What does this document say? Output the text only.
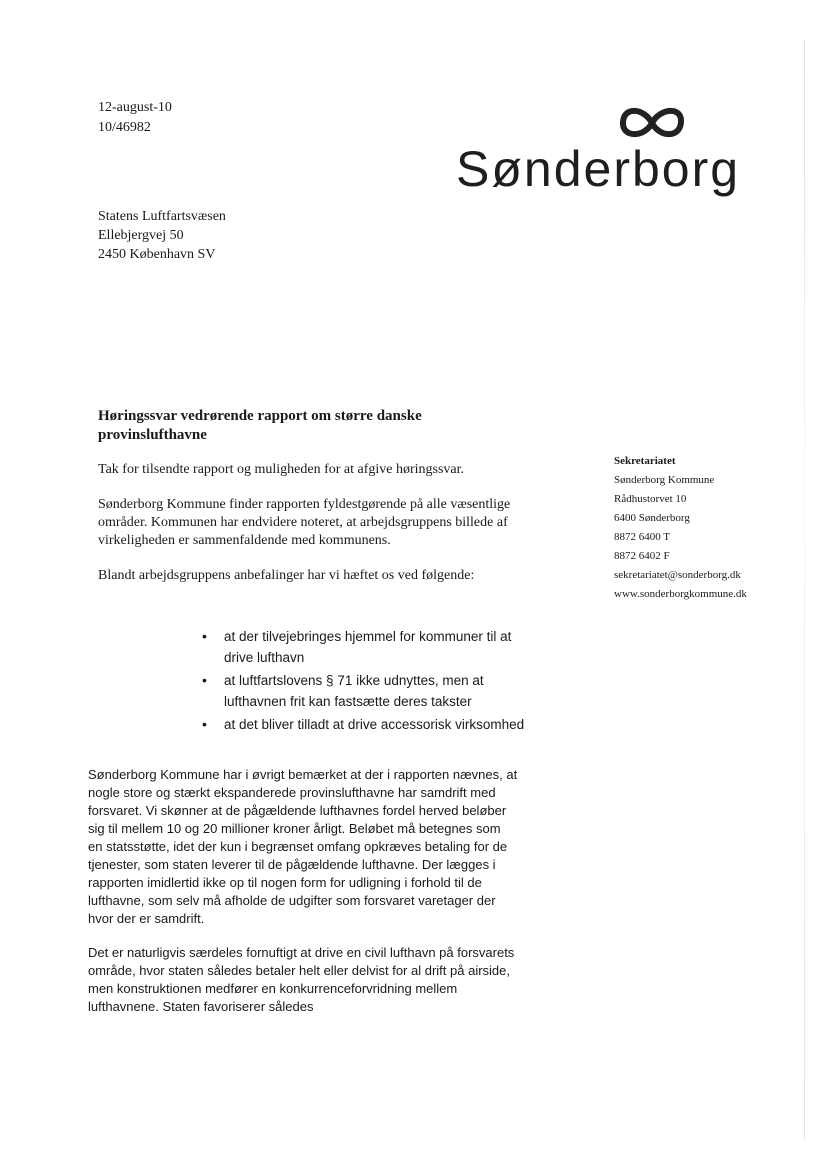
12-august-10
10/46982
Sønderborg
Statens Luftfartsvæsen
Ellebjergvej 50
2450 København SV
Høringssvar vedrørende rapport om større danske provinslufthavne
Sekretariatet
Sønderborg Kommune
Rådhustorvet 10
6400 Sønderborg
8872 6400 T
8872 6402 F
sekretariatet@sonderborg.dk
www.sonderborgkommune.dk

Tak for tilsendte rapport og muligheden for at afgive høringssvar.

Sønderborg Kommune finder rapporten fyldestgørende på alle væsentlige områder. Kommunen har endvidere noteret, at arbejdsgruppens billede af virkeligheden er sammenfaldende med kommunens.

Blandt arbejdsgruppens anbefalinger har vi hæftet os ved følgende:

• at der tilvejebringes hjemmel for kommuner til at drive lufthavn
• at luftfartslovens § 71 ikke udnyttes, men at lufthavnen frit kan fastsætte deres takster
• at det bliver tilladt at drive accessorisk virksomhed

Sønderborg Kommune har i øvrigt bemærket at der i rapporten nævnes, at nogle store og stærkt ekspanderede provinslufthavne har samdrift med forsvaret. Vi skønner at de pågældende lufthavnes fordel herved beløber sig til mellem 10 og 20 millioner kroner årligt. Beløbet må betegnes som en statsstøtte, idet der kun i begrænset omfang opkræves betaling for de tjenester, som staten leverer til de pågældende lufthavne. Der lægges i rapporten imidlertid ikke op til nogen form for udligning i forhold til de lufthavne, som selv må afholde de udgifter som forsvaret varetager der hvor der er samdrift.

Det er naturligvis særdeles fornuftigt at drive en civil lufthavn på forsvarets område, hvor staten således betaler helt eller delvist for al drift på airside, men konstruktionen medfører en konkurrenceforvridning mellem lufthavnene. Staten favoriserer således
